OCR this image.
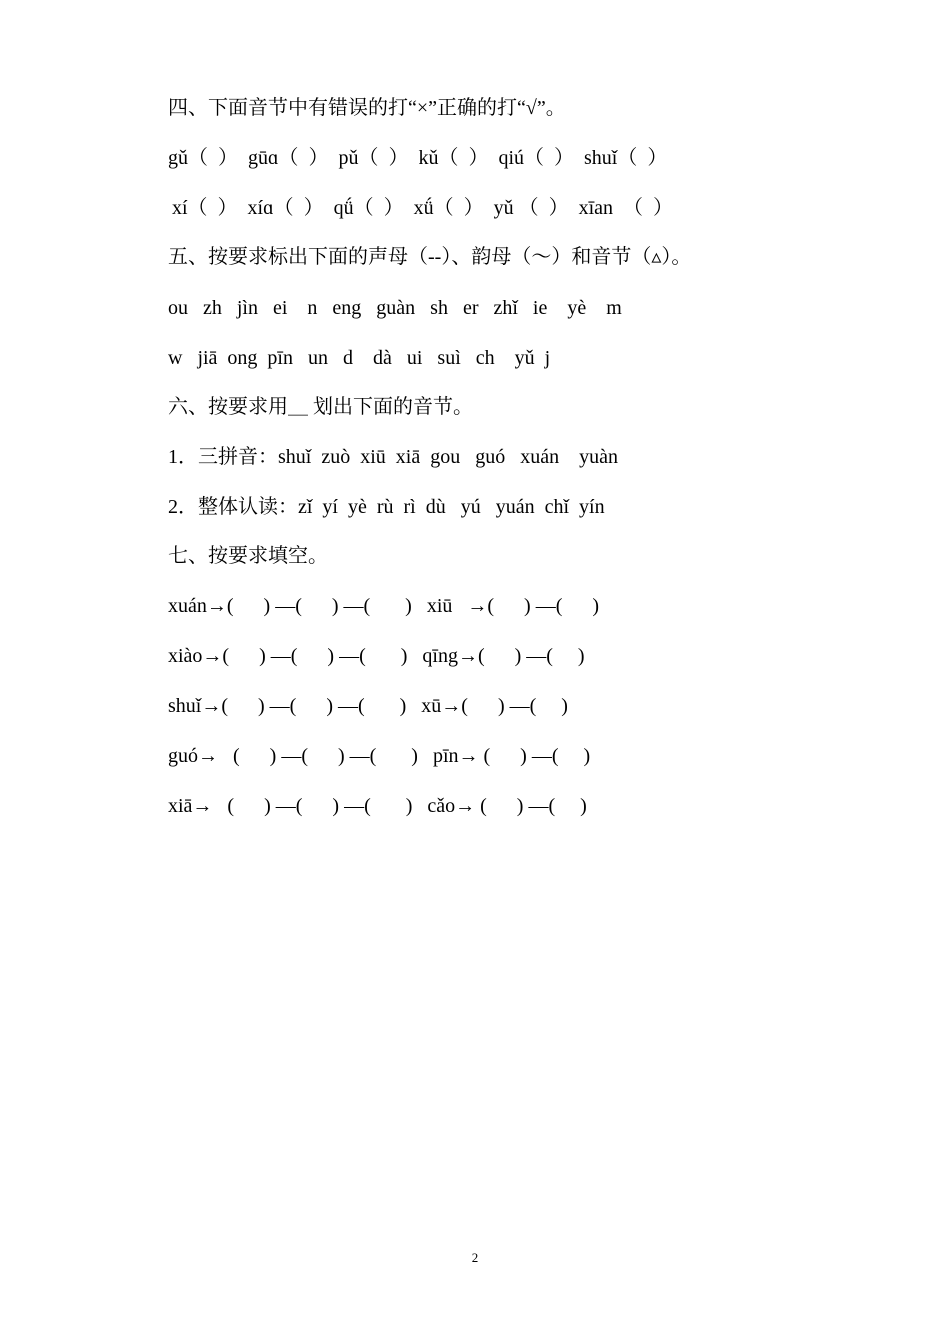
四、下面音节中有错误的打“×”正确的打“√”。
gǔ（  ）  gūɑ（  ）  pǔ（  ）  kǔ（  ）  qiú（  ）  shuǐ（  ）
xí（  ）  xíɑ（  ）  qǘ（  ）  xǘ（  ）  yǔ （  ）  xīan  （  ）
五、按要求标出下面的声母（--）、韵母（～）和音节（▵）。
ou   zh   jìn   ei    n   eng   guàn   sh   er   zhǐ   ie    yè    m
w   jiā  ong  pīn   un   d    dà   ui   suì   ch    yǔ  j
六、按要求用＿ 划出下面的音节。
1．三拼音：shuǐ  zuò  xiū  xiā  gou   guó   xuán    yuàn
2．整体认读：zǐ  yí  yè  rù  rì  dù   yú   yuán  chǐ  yín
七、按要求填空。
xuán→(      ) —(      ) —(       )   xiū   →(      ) —(      )
xiào→(      ) —(      ) —(       )   qīng→(      ) —(     )
shuǐ→(      ) —(      ) —(       )   xū→(      ) —(     )
guó→   (      ) —(      ) —(       )   pīn→ (      ) —(     )
xiā→   (      ) —(      ) —(       )   cǎo→ (      ) —(     )
2
